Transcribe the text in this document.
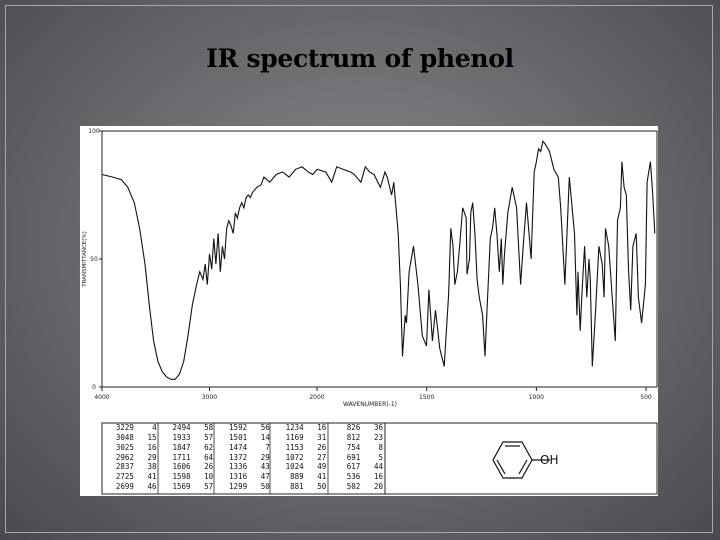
IR spectrum of phenol
4000	3000	2000	1500	1000	500
0
50
100
WAVENUMBER(-1)
TRANSMITTANCE(%)
3229	4	2494	58	1592	56	1234	16	826	36
3048	15	1933	57	1501	14	1169	31	812	23
3025	16	1847	62	1474	7	1153	26	754	8
2962	29	1711	64	1372	29	1072	27	691	5
2837	38	1606	26	1336	43	1024	49	617	44
2725	41	1598	10	1316	47	889	41	536	16
2699	46	1569	57	1299	50	881	50	502	20
OH
